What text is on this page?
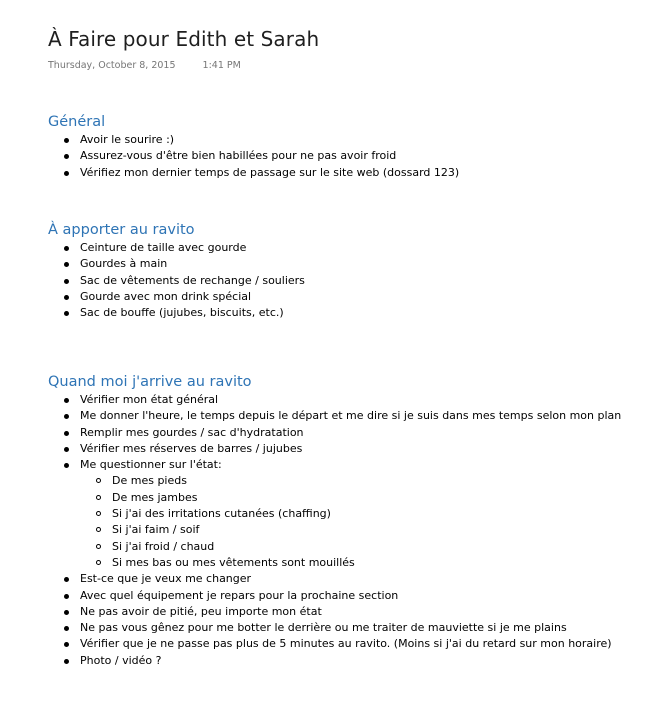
À Faire pour Edith et Sarah
Thursday, October 8, 2015	1:41 PM
Général
Avoir le sourire :)
Assurez-vous d'être bien habillées pour ne pas avoir froid
Vérifiez mon dernier temps de passage sur le site web (dossard 123)
À apporter au ravito
Ceinture de taille avec gourde
Gourdes à main
Sac de vêtements de rechange / souliers
Gourde avec mon drink spécial
Sac de bouffe (jujubes, biscuits, etc.)
Quand moi j'arrive au ravito
Vérifier mon état général
Me donner l'heure, le temps depuis le départ et me dire si je suis dans mes temps selon mon plan
Remplir mes gourdes / sac d'hydratation
Vérifier mes réserves de barres / jujubes
Me questionner sur l'état:
De mes pieds
De mes jambes
Si j'ai des irritations cutanées (chaffing)
Si j'ai faim / soif
Si j'ai froid / chaud
Si mes bas ou mes vêtements sont mouillés
Est-ce que je veux me changer
Avec quel équipement je repars pour la prochaine section
Ne pas avoir de pitié, peu importe mon état
Ne pas vous gênez pour me botter le derrière ou me traiter de mauviette si je me plains
Vérifier que je ne passe pas plus de 5 minutes au ravito. (Moins si j'ai du retard sur mon horaire)
Photo / vidéo ?
